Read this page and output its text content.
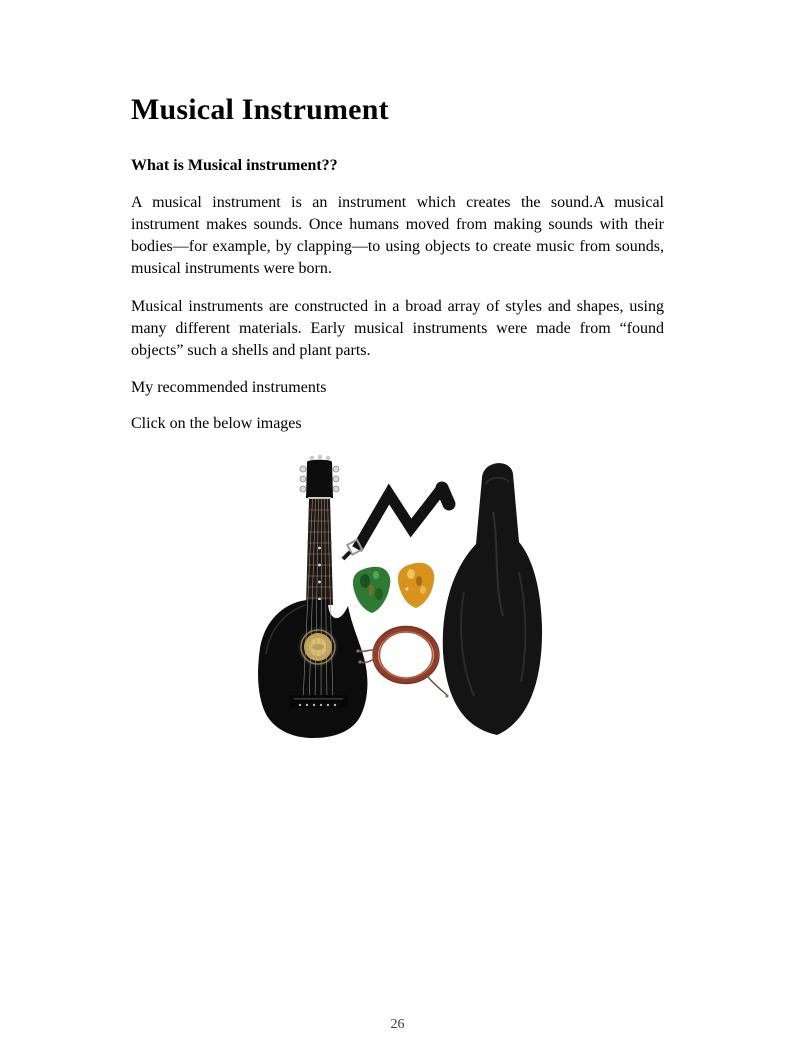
Musical Instrument
What is Musical instrument??

A musical instrument is an instrument which creates the sound.A musical instrument makes sounds. Once humans moved from making sounds with their bodies—for example, by clapping—to using objects to create music from sounds, musical instruments were born.

Musical instruments are constructed in a broad array of styles and shapes, using many different materials. Early musical instruments were made from “found objects” such a shells and plant parts.

My recommended instruments

Click on the below images

26
